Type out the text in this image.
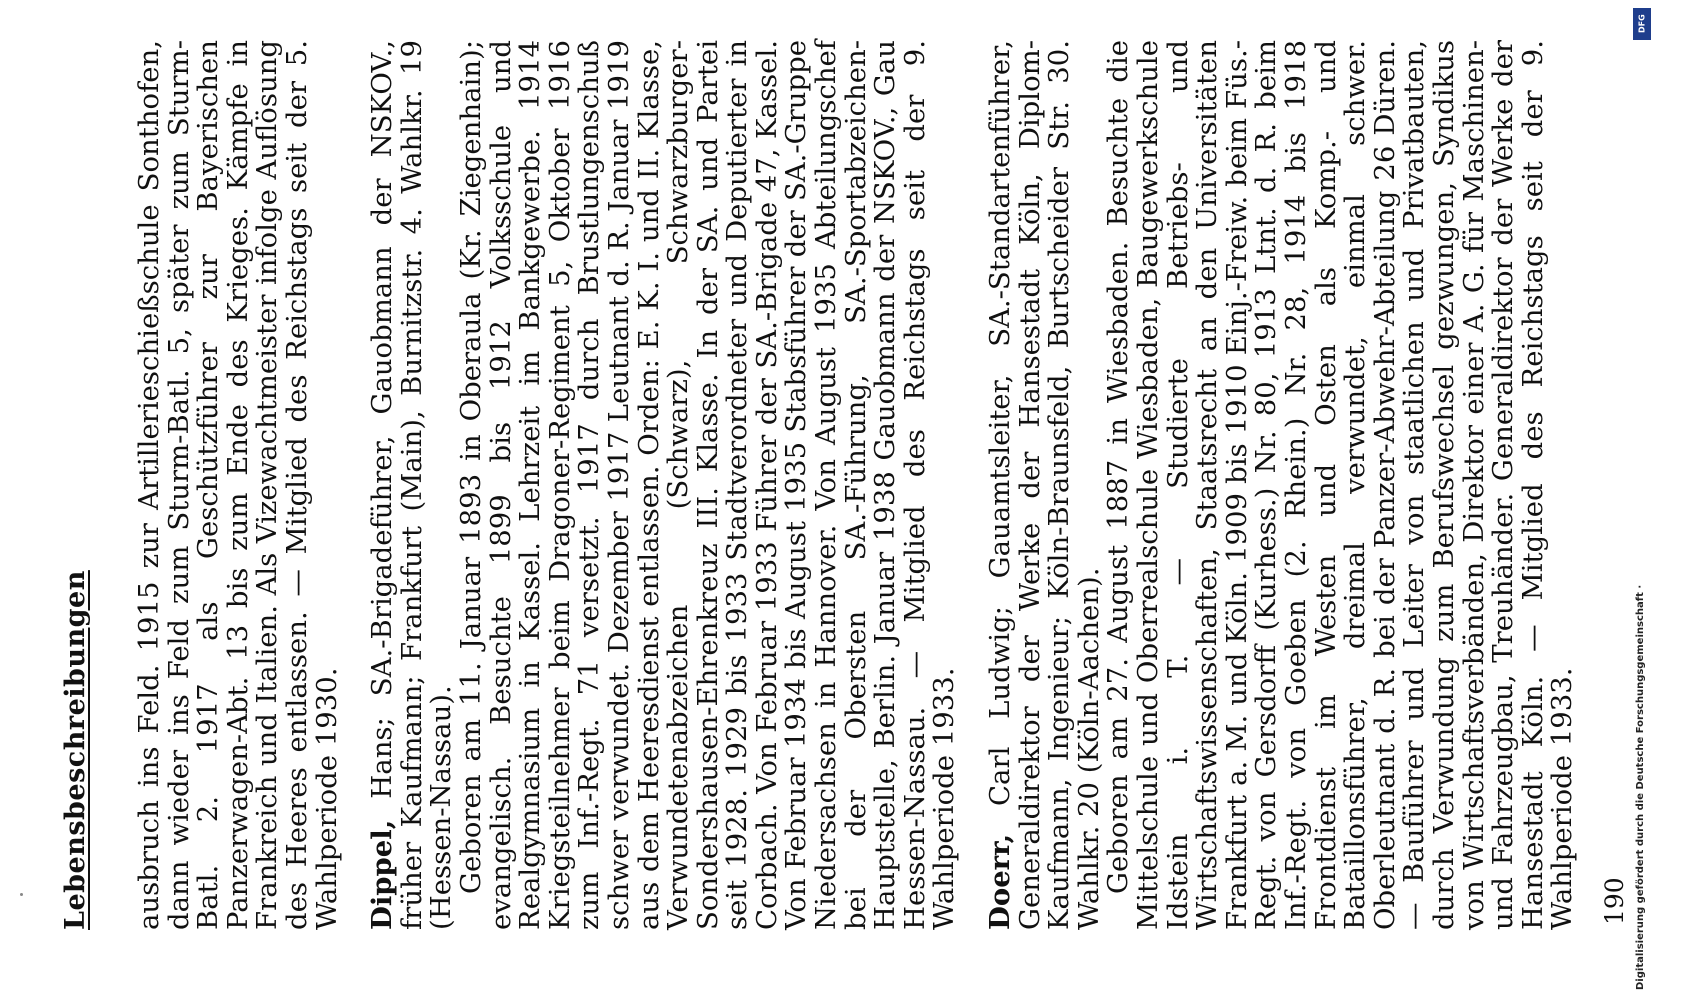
Lebensbeschreibungen ausbruch ins Feld. 1915 zur Artillerieschießschule Sonthofen, dann wieder ins Feld zum Sturm-Batl. 5, später zum Sturm-Batl. 2. 1917 als Geschützführer zur Bayerischen Panzerwagen-Abt. 13 bis zum Ende des Krieges. Kämpfe in Frankreich und Italien. Als Vizewachtmeister infolge Auflösung des Heeres entlassen. — Mitglied des Reichstags seit der 5. Wahlperiode 1930. Dippel, Hans; SA.-Brigadeführer, Gauobmann der NSKOV., früher Kaufmann; Frankfurt (Main), Burnitzstr. 4. Wahlkr. 19 (Hessen-Nassau).

Geboren am 11. Januar 1893 in Oberaula (Kr. Ziegenhain); evangelisch. Besuchte 1899 bis 1912 Volksschule und Realgymnasium in Kassel. Lehrzeit im Bankgewerbe. 1914 Kriegsteilnehmer beim Dragoner-Regiment 5, Oktober 1916 zum Inf.-Regt. 71 versetzt. 1917 durch Brustlungenschuß schwer verwundet. Dezember 1917 Leutnant d. R. Januar 1919 aus dem Heeresdienst entlassen. Orden: E. K. I. und II. Klasse, Verwundetenabzeichen (Schwarz), Schwarzburger-Sondershausen-Ehrenkreuz III. Klasse. In der SA. und Partei seit 1928. 1929 bis 1933 Stadtverordneter und Deputierter in Corbach. Von Februar 1933 Führer der SA.-Brigade 47, Kassel. Von Februar 1934 bis August 1935 Stabsführer der SA.-Gruppe Niedersachsen in Hannover. Von August 1935 Abteilungschef bei der Obersten SA.-Führung, SA.-Sportabzeichen-Hauptstelle, Berlin. Januar 1938 Gauobmann der NSKOV., Gau Hessen-Nassau. — Mitglied des Reichstags seit der 9. Wahlperiode 1933. Doerr, Carl Ludwig; Gauamtsleiter, SA.-Standartenführer, Generaldirektor der Werke der Hansestadt Köln, Diplom-Kaufmann, Ingenieur; Köln-Braunsfeld, Burtscheider Str. 30. Wahlkr. 20 (Köln-Aachen).

Geboren am 27. August 1887 in Wiesbaden. Besuchte die Mittelschule und Oberrealschule Wiesbaden, Baugewerkschule Idstein i. T. — Studierte Betriebs- und Wirtschaftswissenschaften, Staatsrecht an den Universitäten Frankfurt a. M. und Köln. 1909 bis 1910 Einj.-Freiw. beim Füs.-Regt. von Gersdorff (Kurhess.) Nr. 80, 1913 Ltnt. d. R. beim Inf.-Regt. von Goeben (2. Rhein.) Nr. 28, 1914 bis 1918 Frontdienst im Westen und Osten als Komp.- und Bataillonsführer, dreimal verwundet, einmal schwer. Oberleutnant d. R. bei der Panzer-Abwehr-Abteilung 26 Düren. — Bauführer und Leiter von staatlichen und Privatbauten, durch Verwundung zum Berufswechsel gezwungen, Syndikus von Wirtschaftsverbänden, Direktor einer A. G. für Maschinen- und Fahrzeugbau, Treuhänder. Generaldirektor der Werke der Hansestadt Köln. — Mitglied des Reichstags seit der 9. Wahlperiode 1933. 190
DFG
Digitalisierung gefördert durch die Deutsche Forschungsgemeinschaft ·
